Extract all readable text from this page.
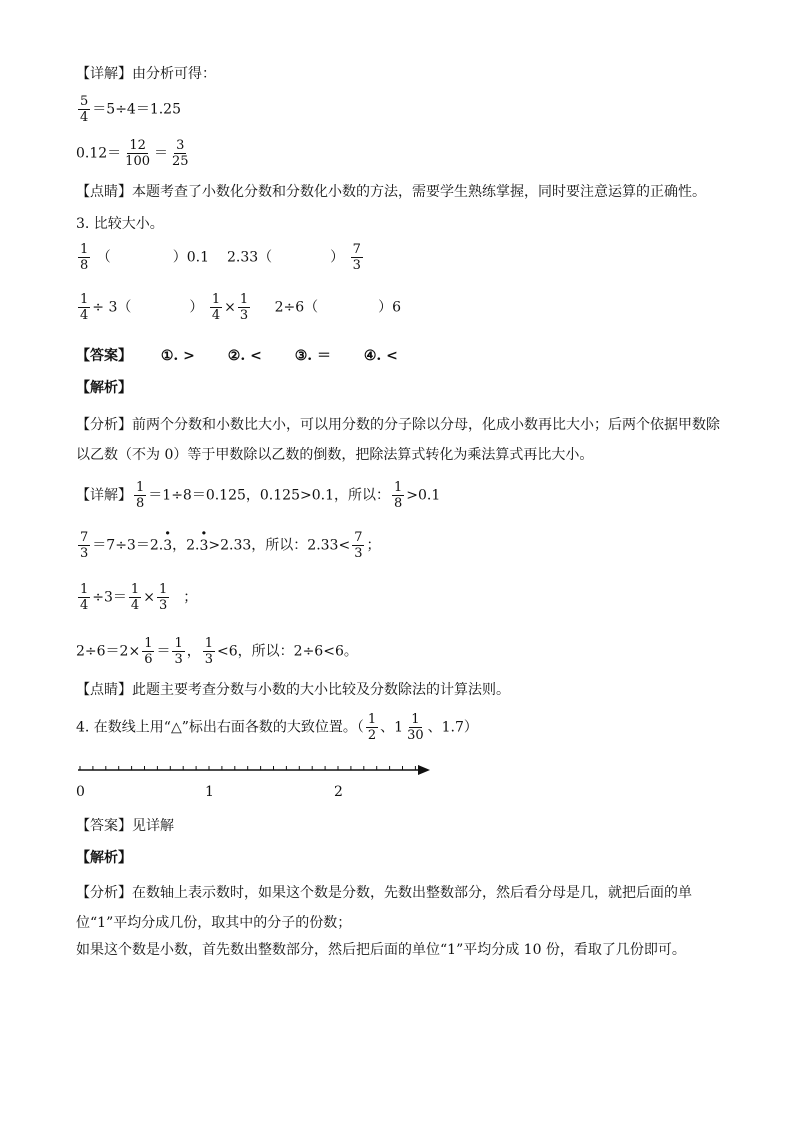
【详解】由分析可得：
$\frac{5}{4} =5\div 4=1.25$
$0.12= \frac{12}{100} = \frac{3}{25}$
【点睛】本题考查了小数化分数和分数化小数的方法，需要学生熟练掌握，同时要注意运算的正确性。
3. 比较大小。
$\frac{1}{8}$ （	）0.1 2.33（	） $\frac{7}{3}$
$\frac{1}{4} \div 3$（	） $\frac{1}{4} \times \frac{1}{3} 2\div 6$（	）6
【答案】 ①. > ②. < ③. ＝ ④. <
【解析】
【分析】前两个分数和小数比大小，可以用分数的分子除以分母，化成小数再比大小；后两个依据甲数除以乙数（不为 0）等于甲数除以乙数的倒数，把除法算式转化为乘法算式再比大小。
【详解】 $\frac{1}{8} =1\div 8=0.125$，0.125>0.1，所以： $\frac{1}{8} >0.1$
$\frac{7}{3} =7\div 3=2.3$ ·，2.3 ·>2.33，所以：$2.33< \frac{7}{3}$ ；
$\frac{1}{4} \div 3= \frac{1}{4} \times \frac{1}{3}$ ；
$2\div 6=2\times \frac{1}{6} = \frac{1}{3}$ ， $\frac{1}{3} <6$，所以：2÷6<6。
【点睛】此题主要考查分数与小数的大小比较及分数除法的计算法则。
4. 在数线上用“△”标出右面各数的大致位置。（ $\frac{1}{2}$ 、$1 \frac{1}{30}$ 、1.7）
0	1	2
【答案】见详解
【解析】
【分析】在数轴上表示数时，如果这个数是分数，先数出整数部分，然后看分母是几，就把后面的单位“1”平均分成几份，取其中的分子的份数；
如果这个数是小数，首先数出整数部分，然后把后面的单位“1”平均分成 10 份，看取了几份即可。
